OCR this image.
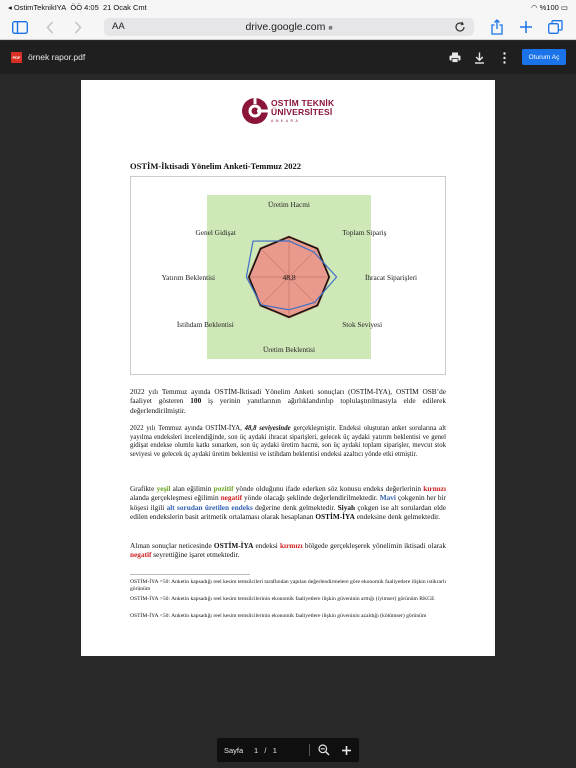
◂ OstimTeknikIYA ÖÖ 4:05 21 Ocak Cmt	◠ %100 ▭
AA	drive.google.com ■
PDF örnek rapor.pdf	Oturum Aç
OSTİM TEKNİK
ÜNİVERSİTESİ
ANKARA
OSTİM-İktisadi Yönelim Anketi-Temmuz 2022
48,8
Üretim Hacmi
Toplam Sipariş
İhracat Siparişleri
Stok Seviyesi
Üretim Beklentisi
İstihdam Beklentisi
Yatırım Beklentisi
Genel Gidişat

2022 yılı Temmuz ayında OSTİM-İktisadi Yönelim Anketi sonuçları (OSTİM-İYA), OSTİM OSB’de faaliyet gösteren 100 iş yerinin yanıtlarının ağırlıklandırılıp toplulaştırılmasıyla elde edilerek değerlendirilmiştir.

2022 yılı Temmuz ayında OSTİM-İYA, 48,8 seviyesinde gerçekleşmiştir. Endeksi oluşturan anket sorularına alt yayılma endeksleri incelendiğinde, son üç aydaki ihracat siparişleri, gelecek üç aydaki yatırım beklentisi ve genel gidişat endekse olumlu katkı sunarken, son üç aydaki üretim hacmi, son üç aydaki toplam siparişler, mevcut stok seviyesi ve gelecek üç aydaki üretim beklentisi ve istihdam beklentisi endeksi azaltıcı yönde etki etmiştir.

Grafikte yeşil alan eğilimin pozitif yönde olduğunu ifade ederken söz konusu endeks değerlerinin kırmızı alanda gerçekleşmesi eğilimin negatif yönde olacağı şeklinde değerlendirilmektedir. Mavi çokgenin her bir köşesi ilgili alt sorudan üretilen endeks değerine denk gelmektedir. Siyah çokgen ise alt sorulardan elde edilen endekslerin basit aritmetik ortalaması olarak hesaplanan OSTİM-İYA endeksine denk gelmektedir.

Alınan sonuçlar neticesinde OSTİM-İYA endeksi kırmızı bölgede gerçekleşerek yönelimin iktisadi olarak negatif seyrettiğine işaret etmektedir.

OSTİM-İYA =50: Anketin kapsadığı reel kesim temsilcileri taraflından yapılan değerlendirmelere göre ekonomik faaliyetlere ilişkin istikrarlı görünüm
OSTİM-İYA >50: Anketin kapsadığı reel kesim temsilcilerinin ekonomik faaliyetlere ilişkin güveninin arttığı (iyimser) görünüm RKGE
OSTİM-İYA <50: Anketin kapsadığı reel kesim temsilcilerinin ekonomik faaliyetlere ilişkin güveninin azaldığı (kötümser) görünüm
Sayfa 1   /   1
